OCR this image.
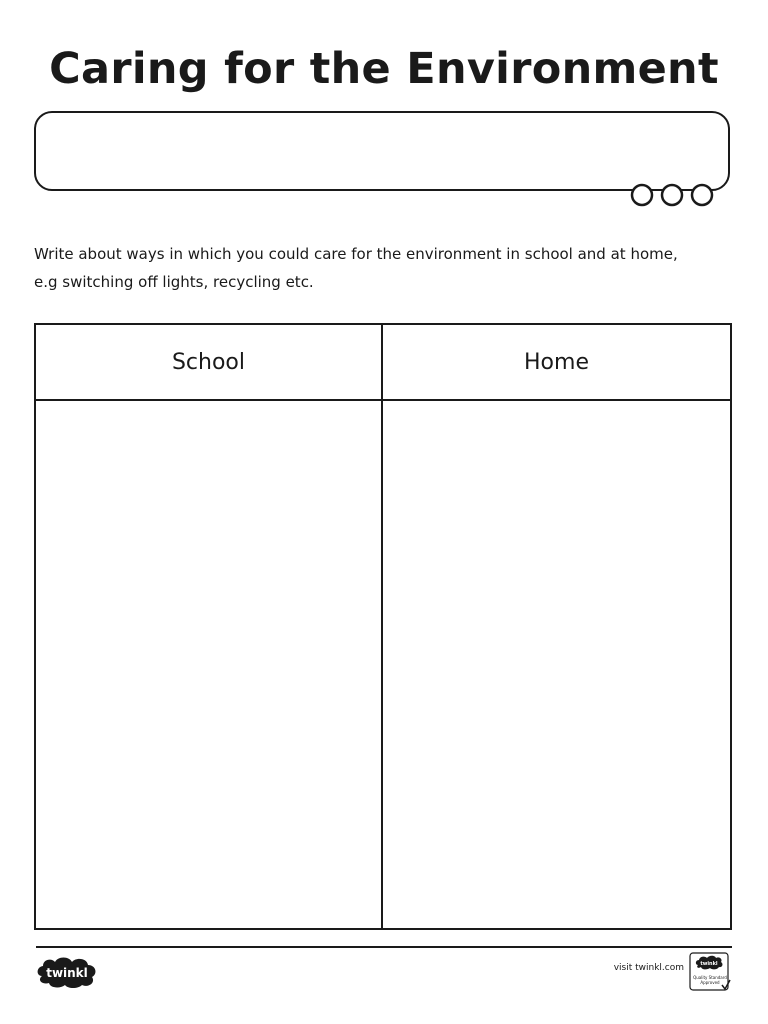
Caring for the Environment
Write about ways in which you could care for the environment in school and at home,
e.g switching off lights, recycling etc.
School	Home
twinkl	visit twinkl.com	twinkl
Quality Standard
Approved
